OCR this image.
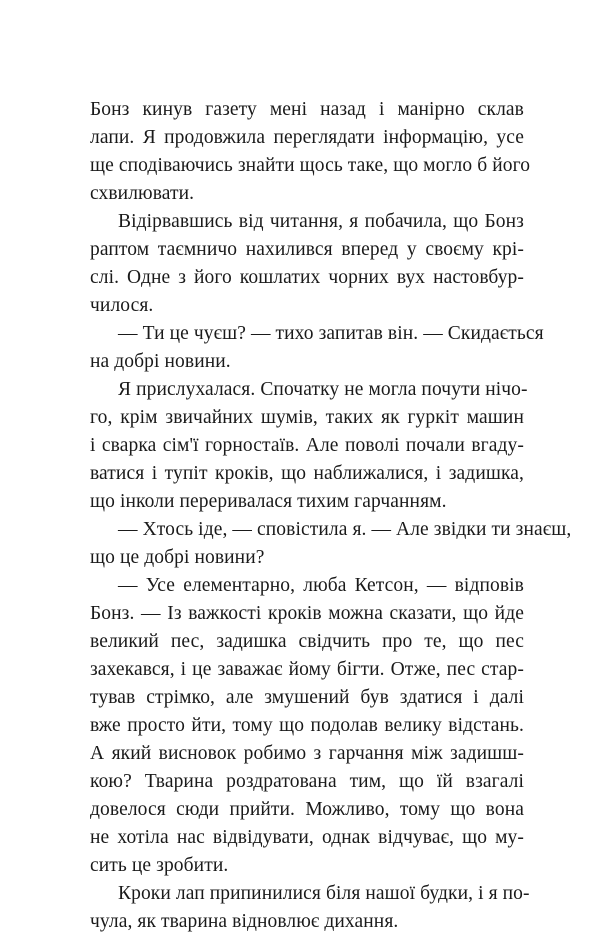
Бонз кинув газету мені назад і манірно склав
лапи. Я продовжила переглядати інформацію, усе
ще сподіваючись знайти щось таке, що могло б його
схвилювати.
Відірвавшись від читання, я побачила, що Бонз
раптом таємничо нахилився вперед у своєму крі-
слі. Одне з його кошлатих чорних вух настовбур-
чилося.
— Ти це чуєш? — тихо запитав він. — Скидається
на добрі новини.
Я прислухалася. Спочатку не могла почути нічо-
го, крім звичайних шумів, таких як гуркіт машин
і сварка сім'ї горностаїв. Але поволі почали вгаду-
ватися і тупіт кроків, що наближалися, і задишка,
що інколи переривалася тихим гарчанням.
— Хтось іде, — сповістила я. — Але звідки ти знаєш,
що це добрі новини?
— Усе елементарно, люба Кетсон, — відповів
Бонз. — Із важкості кроків можна сказати, що йде
великий пес, задишка свідчить про те, що пес
захекався, і це заважає йому бігти. Отже, пес стар-
тував стрімко, але змушений був здатися і далі
вже просто йти, тому що подолав велику відстань.
А який висновок робимо з гарчання між задишш-
кою? Тварина роздратована тим, що їй взагалі
довелося сюди прийти. Можливо, тому що вона
не хотіла нас відвідувати, однак відчуває, що му-
сить це зробити.
Кроки лап припинилися біля нашої будки, і я по-
чула, як тварина відновлює дихання.
